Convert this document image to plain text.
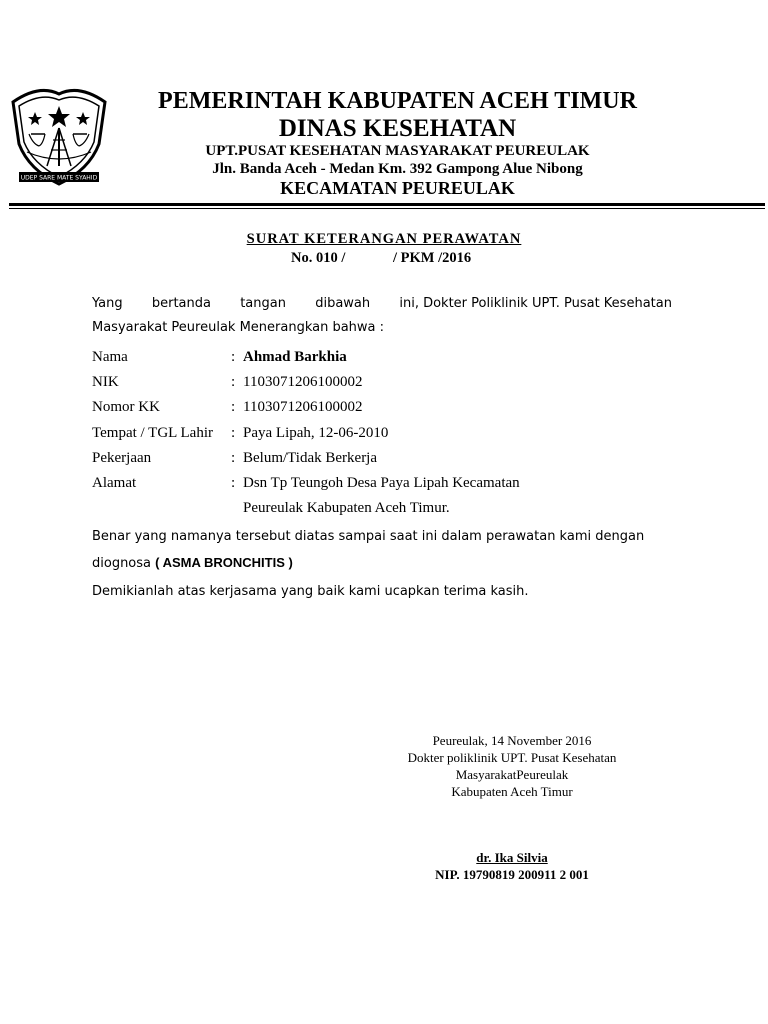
UDEP SARE MATE SYAHID
PEMERINTAH KABUPATEN ACEH TIMUR
DINAS KESEHATAN
UPT.PUSAT KESEHATAN MASYARAKAT PEUREULAK
Jln. Banda Aceh - Medan Km. 392 Gampong Alue Nibong
KECAMATAN PEUREULAK
SURAT KETERANGAN PERAWATAN
No. 010 /	/ PKM /2016
Yang bertanda tangan dibawah ini, Dokter Poliklinik UPT. Pusat Kesehatan
Masyarakat Peureulak Menerangkan bahwa :
Nama	: Ahmad Barkhia
NIK	: 1103071206100002
Nomor KK	: 1103071206100002
Tempat / TGL Lahir : Paya Lipah, 12-06-2010
Pekerjaan	: Belum/Tidak Berkerja
Alamat	: Dsn Tp Teungoh Desa Paya Lipah Kecamatan
Peureulak Kabupaten Aceh Timur.
Benar yang namanya tersebut diatas sampai saat ini dalam perawatan kami dengan
diognosa ( ASMA BRONCHITIS )
Demikianlah atas kerjasama yang baik kami ucapkan terima kasih.
Peureulak, 14 November 2016
Dokter poliklinik UPT. Pusat Kesehatan
MasyarakatPeureulak
Kabupaten Aceh Timur
dr. Ika Silvia
NIP. 19790819 200911 2 001
